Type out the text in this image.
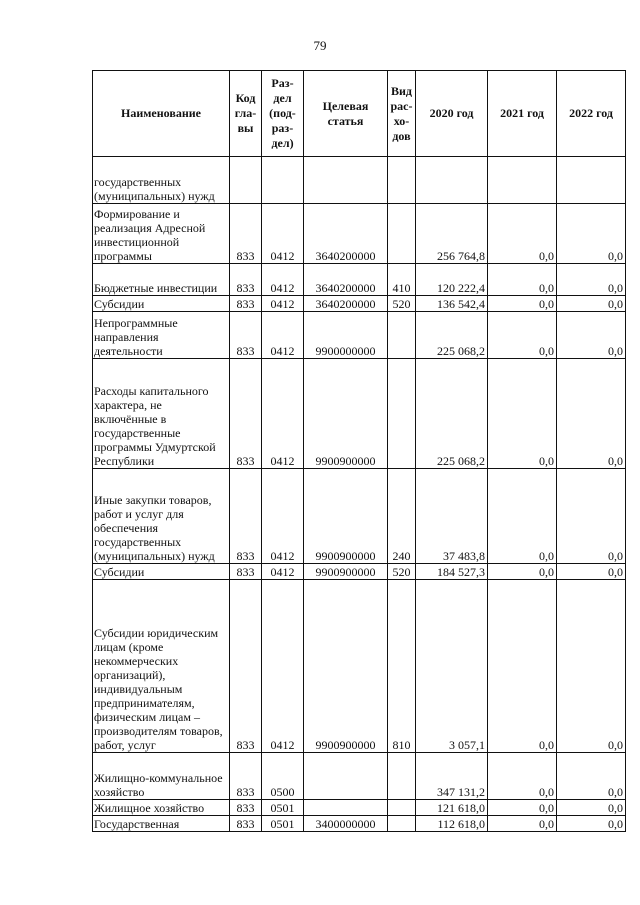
79
Наименование	Код гла-вы	Раз-дел (под-раз-дел)	Целевая статья	Вид рас-хо-дов	2020 год	2021 год	2022 год
государственных (муниципальных) нужд							
Формирование и реализация Адресной инвестиционной программы	833	0412	3640200000		256 764,8	0,0	0,0
Бюджетные инвестиции	833	0412	3640200000	410	120 222,4	0,0	0,0
Субсидии	833	0412	3640200000	520	136 542,4	0,0	0,0
Непрограммные направления деятельности	833	0412	9900000000		225 068,2	0,0	0,0
Расходы капитального характера, не включённые в государственные программы Удмуртской Республики	833	0412	9900900000		225 068,2	0,0	0,0
Иные закупки товаров, работ и услуг для обеспечения государственных (муниципальных) нужд	833	0412	9900900000	240	37 483,8	0,0	0,0
Субсидии	833	0412	9900900000	520	184 527,3	0,0	0,0
Субсидии юридическим лицам (кроме некоммерческих организаций), индивидуальным предпринимателям, физическим лицам – производителям товаров, работ, услуг	833	0412	9900900000	810	3 057,1	0,0	0,0
Жилищно-коммунальное хозяйство	833	0500			347 131,2	0,0	0,0
Жилищное хозяйство	833	0501			121 618,0	0,0	0,0
Государственная	833	0501	3400000000		112 618,0	0,0	0,0
